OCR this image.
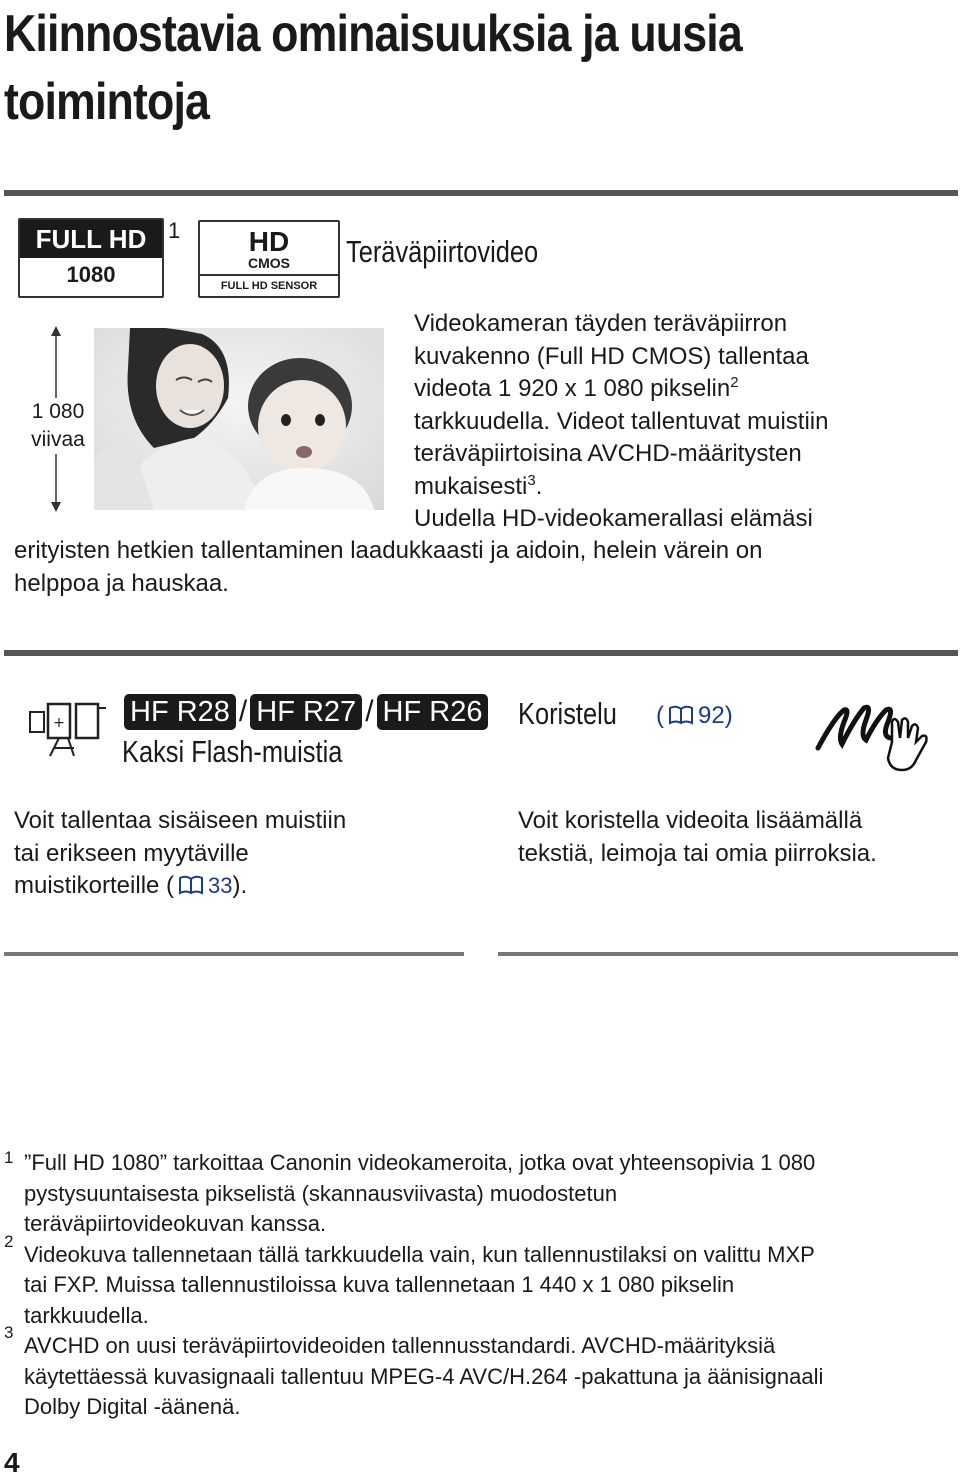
Kiinnostavia ominaisuuksia ja uusia toimintoja
FULL HD
1080
1	HD
CMOS
FULL HD SENSOR
Teräväpiirtovideo
1 080
viivaa
Videokameran täyden teräväpiirron
kuvakenno (Full HD CMOS) tallentaa
videota 1 920 x 1 080 pikselin$^2$
tarkkuudella. Videot tallentuvat muistiin
teräväpiirtoisina AVCHD-määritysten
mukaisesti$^3$.
Uudella HD-videokamerallasi elämäsi
erityisten hetkien tallentaminen laadukkaasti ja aidoin, helein värein on
helppoa ja hauskaa.
+ HF R28 / HF R27 / HF R26
Kaksi Flash-muistia
Voit tallentaa sisäiseen muistiin
tai erikseen myytäville
muistikorteille ( 33).
Koristelu	( 92)
Voit koristella videoita lisäämällä
tekstiä, leimoja tai omia piirroksia.
1 ”Full HD 1080” tarkoittaa Canonin videokameroita, jotka ovat yhteensopivia 1 080
pystysuuntaisesta pikselistä (skannausviivasta) muodostetun
teräväpiirtovideokuvan kanssa.
2
Videokuva tallennetaan tällä tarkkuudella vain, kun tallennustilaksi on valittu MXP
tai FXP. Muissa tallennustiloissa kuva tallennetaan 1 440 x 1 080 pikselin
tarkkuudella.
3
AVCHD on uusi teräväpiirtovideoiden tallennusstandardi. AVCHD-määrityksiä
käytettäessä kuvasignaali tallentuu MPEG-4 AVC/H.264 -pakattuna ja äänisignaali
Dolby Digital -äänenä.
4
